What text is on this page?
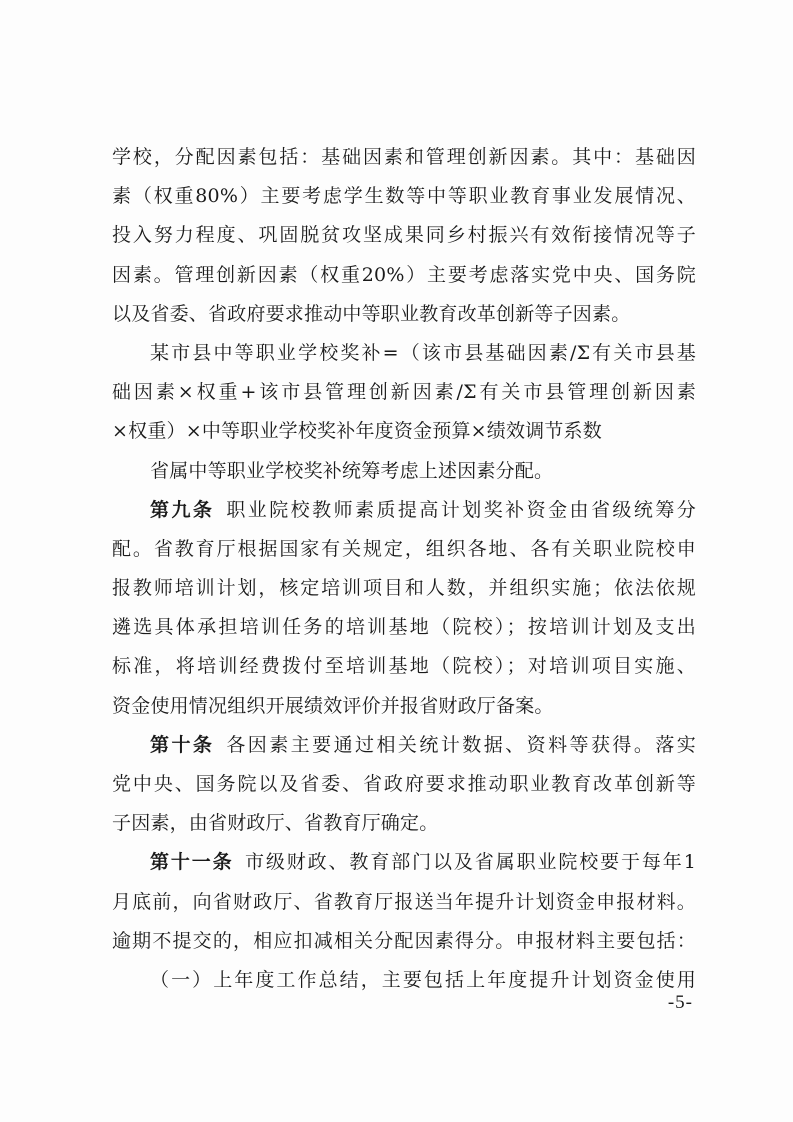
学校，分配因素包括：基础因素和管理创新因素。其中：基础因
素（权重80%）主要考虑学生数等中等职业教育事业发展情况、
投入努力程度、巩固脱贫攻坚成果同乡村振兴有效衔接情况等子
因素。管理创新因素（权重20%）主要考虑落实党中央、国务院
以及省委、省政府要求推动中等职业教育改革创新等子因素。
某市县中等职业学校奖补=（该市县基础因素/Σ有关市县基
础因素×权重+该市县管理创新因素/Σ有关市县管理创新因素
×权重）×中等职业学校奖补年度资金预算×绩效调节系数
省属中等职业学校奖补统筹考虑上述因素分配。
第九条  职业院校教师素质提高计划奖补资金由省级统筹分
配。省教育厅根据国家有关规定，组织各地、各有关职业院校申
报教师培训计划，核定培训项目和人数，并组织实施；依法依规
遴选具体承担培训任务的培训基地（院校）；按培训计划及支出
标准，将培训经费拨付至培训基地（院校）；对培训项目实施、
资金使用情况组织开展绩效评价并报省财政厅备案。
第十条  各因素主要通过相关统计数据、资料等获得。落实
党中央、国务院以及省委、省政府要求推动职业教育改革创新等
子因素，由省财政厅、省教育厅确定。
第十一条  市级财政、教育部门以及省属职业院校要于每年1
月底前，向省财政厅、省教育厅报送当年提升计划资金申报材料。
逾期不提交的，相应扣减相关分配因素得分。申报材料主要包括：
（一）上年度工作总结，主要包括上年度提升计划资金使用
-5-
